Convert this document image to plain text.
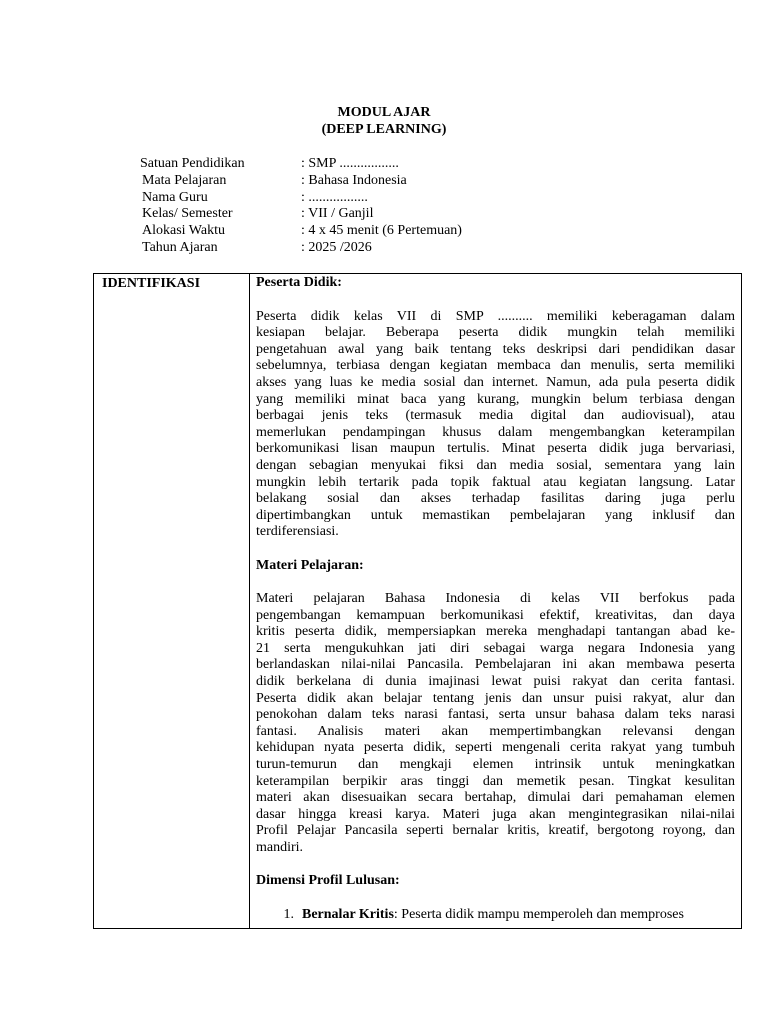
MODUL AJAR
(DEEP LEARNING)
Satuan Pendidikan	: SMP .................
Mata Pelajaran	: Bahasa Indonesia
Nama Guru	: .................
Kelas/ Semester	: VII / Ganjil
Alokasi Waktu	: 4 x 45 menit (6 Pertemuan)
Tahun Ajaran	: 2025 /2026
IDENTIFIKASI	Peserta Didik:
Peserta didik kelas VII di SMP .......... memiliki keberagaman dalam
kesiapan belajar. Beberapa peserta didik mungkin telah memiliki
pengetahuan awal yang baik tentang teks deskripsi dari pendidikan dasar
sebelumnya, terbiasa dengan kegiatan membaca dan menulis, serta memiliki
akses yang luas ke media sosial dan internet. Namun, ada pula peserta didik
yang memiliki minat baca yang kurang, mungkin belum terbiasa dengan
berbagai jenis teks (termasuk media digital dan audiovisual), atau
memerlukan pendampingan khusus dalam mengembangkan keterampilan
berkomunikasi lisan maupun tertulis. Minat peserta didik juga bervariasi,
dengan sebagian menyukai fiksi dan media sosial, sementara yang lain
mungkin lebih tertarik pada topik faktual atau kegiatan langsung. Latar
belakang sosial dan akses terhadap fasilitas daring juga perlu
dipertimbangkan untuk memastikan pembelajaran yang inklusif dan
terdiferensiasi.
Materi Pelajaran:
Materi pelajaran Bahasa Indonesia di kelas VII berfokus pada
pengembangan kemampuan berkomunikasi efektif, kreativitas, dan daya
kritis peserta didik, mempersiapkan mereka menghadapi tantangan abad ke-
21 serta mengukuhkan jati diri sebagai warga negara Indonesia yang
berlandaskan nilai-nilai Pancasila. Pembelajaran ini akan membawa peserta
didik berkelana di dunia imajinasi lewat puisi rakyat dan cerita fantasi.
Peserta didik akan belajar tentang jenis dan unsur puisi rakyat, alur dan
penokohan dalam teks narasi fantasi, serta unsur bahasa dalam teks narasi
fantasi. Analisis materi akan mempertimbangkan relevansi dengan
kehidupan nyata peserta didik, seperti mengenali cerita rakyat yang tumbuh
turun-temurun dan mengkaji elemen intrinsik untuk meningkatkan
keterampilan berpikir aras tinggi dan memetik pesan. Tingkat kesulitan
materi akan disesuaikan secara bertahap, dimulai dari pemahaman elemen
dasar hingga kreasi karya. Materi juga akan mengintegrasikan nilai-nilai
Profil Pelajar Pancasila seperti bernalar kritis, kreatif, bergotong royong, dan
mandiri.
Dimensi Profil Lulusan:
1. Bernalar Kritis: Peserta didik mampu memperoleh dan memproses
